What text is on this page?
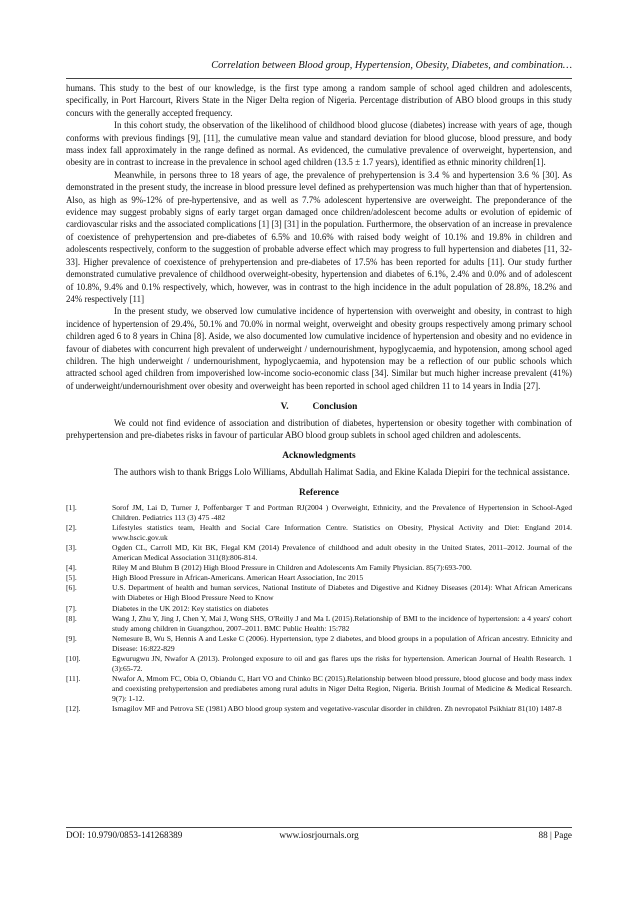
Correlation between Blood group, Hypertension, Obesity, Diabetes, and combination…

humans. This study to the best of our knowledge, is the first type among a random sample of school aged children and adolescents, specifically, in Port Harcourt, Rivers State in the Niger Delta region of Nigeria. Percentage distribution of ABO blood groups in this study concurs with the generally accepted frequency.

In this cohort study, the observation of the likelihood of childhood blood glucose (diabetes) increase with years of age, though conforms with previous findings [9], [11], the cumulative mean value and standard deviation for blood glucose, blood pressure, and body mass index fall approximately in the range defined as normal. As evidenced, the cumulative prevalence of overweight, hypertension, and obesity are in contrast to increase in the prevalence in school aged children (13.5 ± 1.7 years), identified as ethnic minority children[1].

Meanwhile, in persons three to 18 years of age, the prevalence of prehypertension is 3.4 % and hypertension 3.6 % [30]. As demonstrated in the present study, the increase in blood pressure level defined as prehypertension was much higher than that of hypertension. Also, as high as 9%-12% of pre-hypertensive, and as well as 7.7% adolescent hypertensive are overweight. The preponderance of the evidence may suggest probably signs of early target organ damaged once children/adolescent become adults or evolution of epidemic of cardiovascular risks and the associated complications [1] [3] [31] in the population. Furthermore, the observation of an increase in prevalence of coexistence of prehypertension and pre-diabetes of 6.5% and 10.6% with raised body weight of 10.1% and 19.8% in children and adolescents respectively, conform to the suggestion of probable adverse effect which may progress to full hypertension and diabetes [11, 32-33]. Higher prevalence of coexistence of prehypertension and pre-diabetes of 17.5% has been reported for adults [11]. Our study further demonstrated cumulative prevalence of childhood overweight-obesity, hypertension and diabetes of 6.1%, 2.4% and 0.0% and of adolescent of 10.8%, 9.4% and 0.1% respectively, which, however, was in contrast to the high incidence in the adult population of 28.8%, 18.2% and 24% respectively [11]

In the present study, we observed low cumulative incidence of hypertension with overweight and obesity, in contrast to high incidence of hypertension of 29.4%, 50.1% and 70.0% in normal weight, overweight and obesity groups respectively among primary school children aged 6 to 8 years in China [8]. Aside, we also documented low cumulative incidence of hypertension and obesity and no evidence in favour of diabetes with concurrent high prevalent of underweight / undernourishment, hypoglycaemia, and hypotension, among school aged children. The high underweight / undernourishment, hypoglycaemia, and hypotension may be a reflection of our public schools which attracted school aged children from impoverished low-income socio-economic class [34]. Similar but much higher increase prevalent (41%) of underweight/undernourishment over obesity and overweight has been reported in school aged children 11 to 14 years in India [27].

V.	Conclusion

We could not find evidence of association and distribution of diabetes, hypertension or obesity together with combination of prehypertension and pre-diabetes risks in favour of particular ABO blood group sublets in school aged children and adolescents.

Acknowledgments

The authors wish to thank Briggs Lolo Williams, Abdullah Halimat Sadia, and Ekine Kalada Diepiri for the technical assistance.

Reference
[1].	Sorof JM, Lai D, Turner J, Poffenbarger T and Portman RJ(2004 ) Overweight, Ethnicity, and the Prevalence of Hypertension in School-Aged Children. Pediatrics 113 (3) 475 -482
[2].	Lifestyles statistics team, Health and Social Care Information Centre. Statistics on Obesity, Physical Activity and Diet: England 2014. www.hscic.gov.uk
[3].	Ogden CL, Carroll MD, Kit BK, Flegal KM (2014) Prevalence of childhood and adult obesity in the United States, 2011–2012. Journal of the American Medical Association 311(8):806-814.
[4].	Riley M and Bluhm B (2012) High Blood Pressure in Children and Adolescents Am Family Physician. 85(7):693-700.
[5].	High Blood Pressure in African-Americans. American Heart Association, Inc 2015
[6].	U.S. Department of health and human services, National Institute of Diabetes and Digestive and Kidney Diseases (2014): What African Americans with Diabetes or High Blood Pressure Need to Know
[7].	Diabetes in the UK 2012: Key statistics on diabetes
[8].	Wang J, Zhu Y, Jing J, Chen Y, Mai J, Wong SHS, O'Reilly J and Ma L (2015).Relationship of BMI to the incidence of hypertension: a 4 years' cohort study among children in Guangzhou, 2007–2011. BMC Public Health: 15:782
[9].	Nemesure B, Wu S, Hennis A and Leske C (2006). Hypertension, type 2 diabetes, and blood groups in a population of African ancestry. Ethnicity and Disease: 16:822-829
[10].	Egwurugwu JN, Nwafor A (2013). Prolonged exposure to oil and gas flares ups the risks for hypertension. American Journal of Health Research. 1 (3):65-72.
[11].	Nwafor A, Mmom FC, Obia O, Obiandu C, Hart VO and Chinko BC (2015).Relationship between blood pressure, blood glucose and body mass index and coexisting prehypertension and prediabetes among rural adults in Niger Delta Region, Nigeria. British Journal of Medicine & Medical Research. 9(7): 1-12.
[12].	Ismagilov MF and Petrova SE (1981) ABO blood group system and vegetative-vascular disorder in children. Zh nevropatol Psikhiatr 81(10) 1487-8
DOI: 10.9790/0853-141268389	www.iosrjournals.org	88 | Page
